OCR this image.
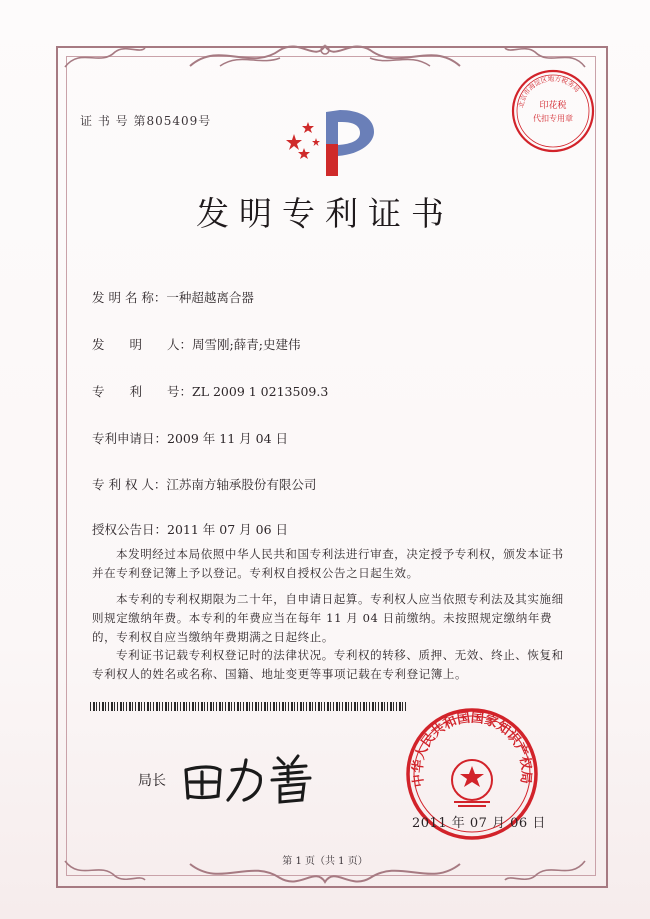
证 书 号 第805409号
印花税
代扣专用章
北京市海淀区地方税务局
发明专利证书
发 明 名 称：一种超越离合器
发　　明　　人：周雪刚;薛青;史建伟
专　　利　　号：ZL 2009 1 0213509.3
专利申请日：2009 年 11 月 04 日
专 利 权 人：江苏南方轴承股份有限公司
授权公告日：2011 年 07 月 06 日
本发明经过本局依照中华人民共和国专利法进行审查，决定授予专利权，颁发本证书并在专利登记簿上予以登记。专利权自授权公告之日起生效。
本专利的专利权期限为二十年，自申请日起算。专利权人应当依照专利法及其实施细则规定缴纳年费。本专利的年费应当在每年 11 月 04 日前缴纳。未按照规定缴纳年费的，专利权自应当缴纳年费期满之日起终止。
专利证书记载专利权登记时的法律状况。专利权的转移、质押、无效、终止、恢复和专利权人的姓名或名称、国籍、地址变更等事项记载在专利登记簿上。
局长	中华人民共和国国家知识产权局
2011 年 07 月 06 日
第 1 页（共 1 页）
